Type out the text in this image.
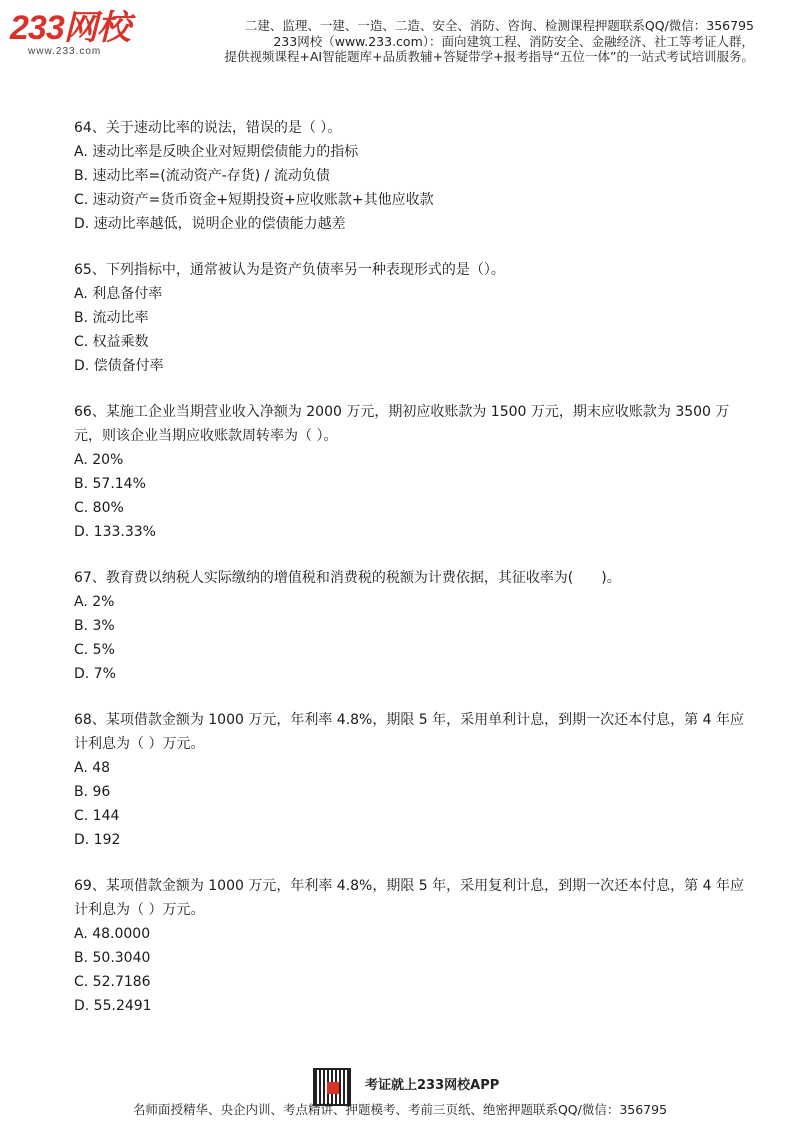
233网校
www.233.com
二建、监理、一建、一造、二造、安全、消防、咨询、检测课程押题联系QQ/微信：356795
233网校（www.233.com）：面向建筑工程、消防安全、金融经济、社工等考证人群，
提供视频课程+AI智能题库+品质教辅+答疑带学+报考指导“五位一体”的一站式考试培训服务。

64、关于速动比率的说法，错误的是（ ）。

A. 速动比率是反映企业对短期偿债能力的指标

B. 速动比率=(流动资产-存货) / 流动负债

C. 速动资产=货币资金+短期投资+应收账款+其他应收款

D. 速动比率越低，说明企业的偿债能力越差

65、下列指标中，通常被认为是资产负债率另一种表现形式的是（）。

A. 利息备付率

B. 流动比率

C. 权益乘数

D. 偿债备付率

66、某施工企业当期营业收入净额为 2000 万元，期初应收账款为 1500 万元，期末应收账款为 3500 万元，则该企业当期应收账款周转率为（ ）。

A. 20%

B. 57.14%

C. 80%

D. 133.33%

67、教育费以纳税人实际缴纳的增值税和消费税的税额为计费依据，其征收率为(　　)。

A. 2%

B. 3%

C. 5%

D. 7%

68、某项借款金额为 1000 万元，年利率 4.8%，期限 5 年，采用单利计息，到期一次还本付息，第 4 年应计利息为（ ）万元。

A. 48

B. 96

C. 144

D. 192

69、某项借款金额为 1000 万元，年利率 4.8%，期限 5 年，采用复利计息，到期一次还本付息，第 4 年应计利息为（ ）万元。

A. 48.0000

B. 50.3040

C. 52.7186

D. 55.2491

考证就上233网校APP
名师面授精华、央企内训、考点精讲、押题模考、考前三页纸、绝密押题联系QQ/微信：356795
